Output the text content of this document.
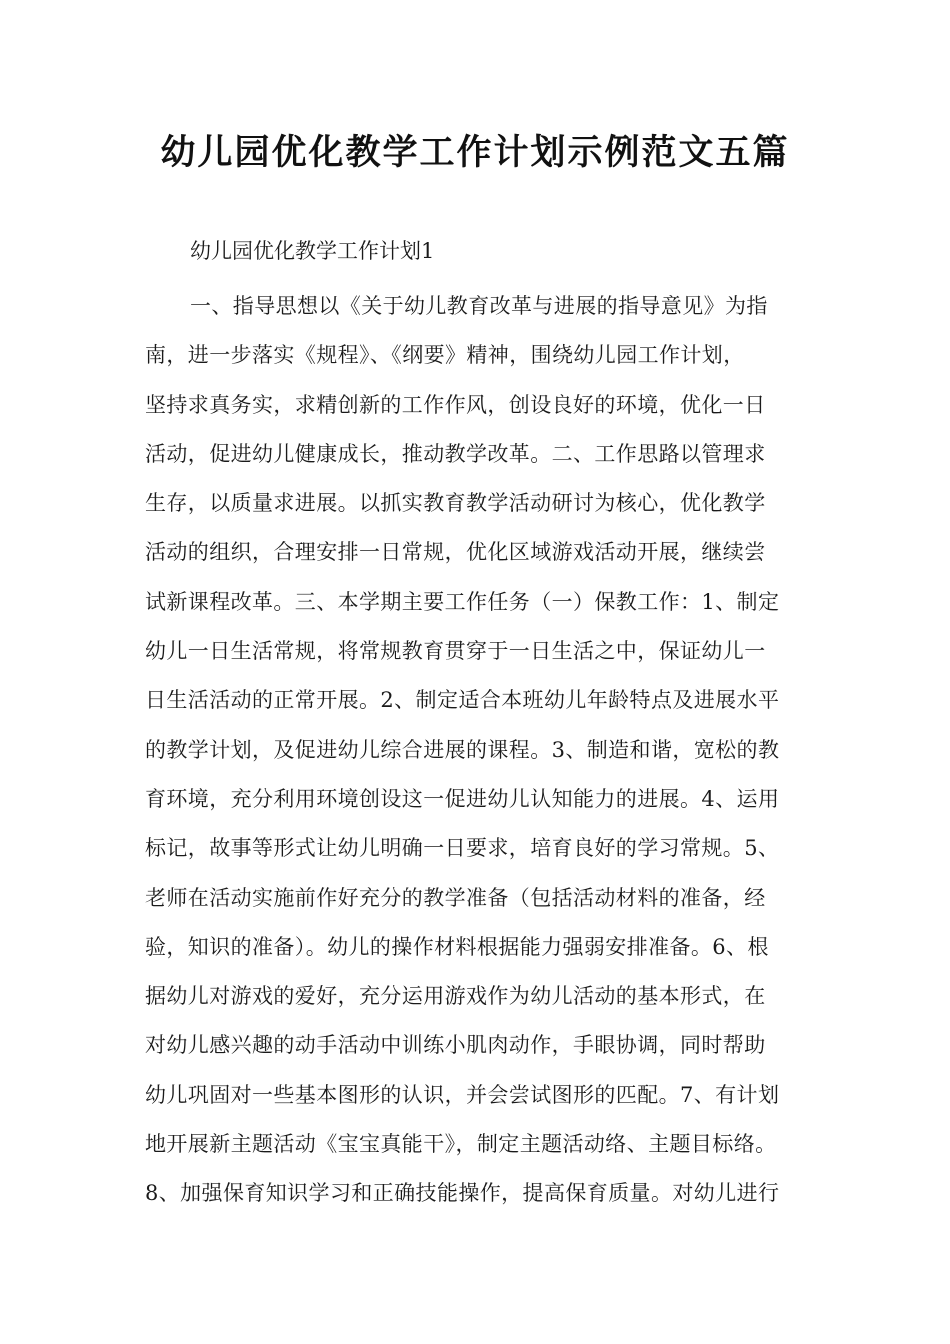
幼儿园优化教学工作计划示例范文五篇
幼儿园优化教学工作计划1
一、指导思想以《关于幼儿教育改革与进展的指导意见》为指
南，进一步落实《规程》、《纲要》精神，围绕幼儿园工作计划，
坚持求真务实，求精创新的工作作风，创设良好的环境，优化一日
活动，促进幼儿健康成长，推动教学改革。二、工作思路以管理求
生存，以质量求进展。以抓实教育教学活动研讨为核心，优化教学
活动的组织，合理安排一日常规，优化区域游戏活动开展，继续尝
试新课程改革。三、本学期主要工作任务（一）保教工作：1、制定
幼儿一日生活常规，将常规教育贯穿于一日生活之中，保证幼儿一
日生活活动的正常开展。2、制定适合本班幼儿年龄特点及进展水平
的教学计划，及促进幼儿综合进展的课程。3、制造和谐，宽松的教
育环境，充分利用环境创设这一促进幼儿认知能力的进展。4、运用
标记，故事等形式让幼儿明确一日要求，培育良好的学习常规。5、
老师在活动实施前作好充分的教学准备（包括活动材料的准备，经
验，知识的准备）。幼儿的操作材料根据能力强弱安排准备。6、根
据幼儿对游戏的爱好，充分运用游戏作为幼儿活动的基本形式，在
对幼儿感兴趣的动手活动中训练小肌肉动作，手眼协调，同时帮助
幼儿巩固对一些基本图形的认识，并会尝试图形的匹配。7、有计划
地开展新主题活动《宝宝真能干》，制定主题活动络、主题目标络。
8、加强保育知识学习和正确技能操作，提高保育质量。对幼儿进行
